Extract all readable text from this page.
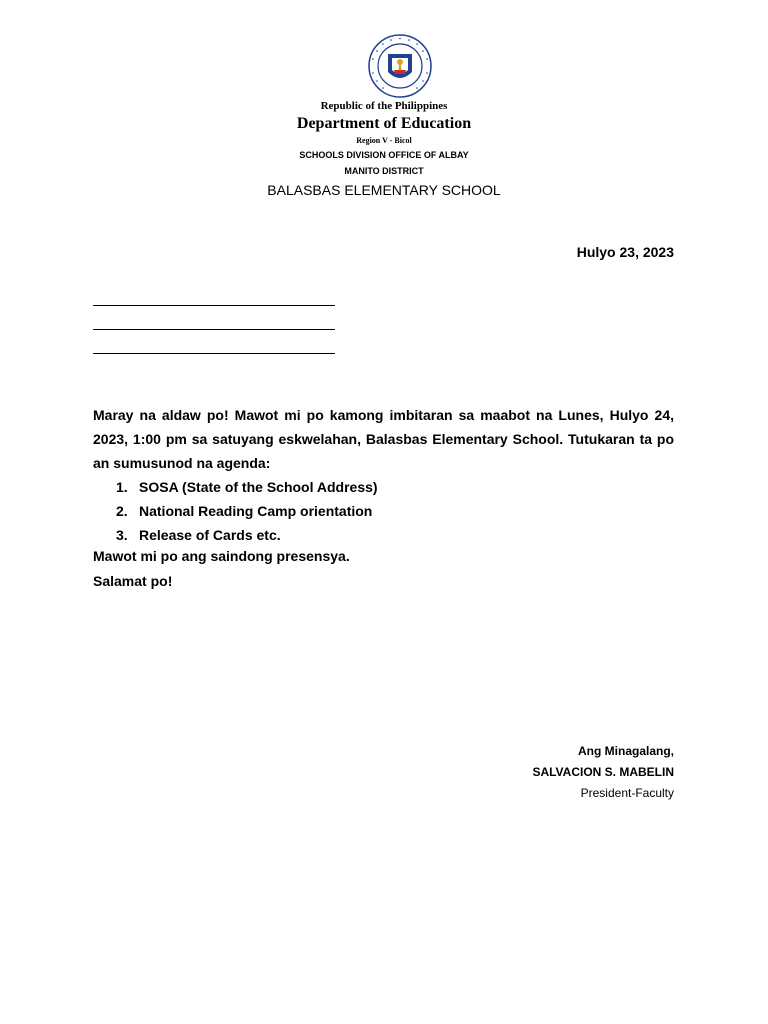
Republic of the Philippines
Department of Education
Region V - Bicol
SCHOOLS DIVISION OFFICE OF ALBAY
MANITO DISTRICT
BALASBAS ELEMENTARY SCHOOL
Hulyo 23, 2023
Maray na aldaw po! Mawot mi po kamong imbitaran sa maabot na Lunes, Hulyo 24, 2023, 1:00 pm sa satuyang eskwelahan, Balasbas Elementary School. Tutukaran ta po an sumusunod na agenda:
1. SOSA (State of the School Address)
2. National Reading Camp orientation
3. Release of Cards etc.
Mawot mi po ang saindong presensya.
Salamat po!
Ang Minagalang,
SALVACION S. MABELIN
President-Faculty
